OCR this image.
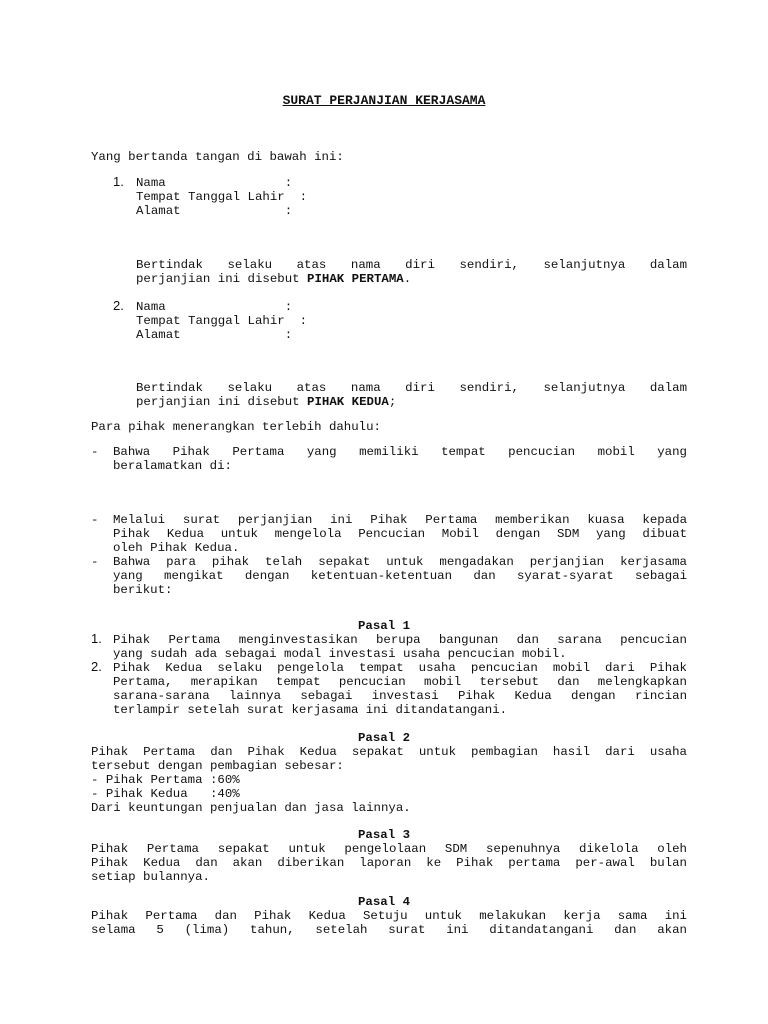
SURAT PERJANJIAN KERJASAMA
Yang bertanda tangan di bawah ini:
1. Nama                :
Tempat Tanggal Lahir  :
Alamat              :
Bertindak selaku atas nama diri sendiri, selanjutnya dalam
perjanjian ini disebut PIHAK PERTAMA.
2. Nama                :
Tempat Tanggal Lahir  :
Alamat              :
Bertindak selaku atas nama diri sendiri, selanjutnya dalam
perjanjian ini disebut PIHAK KEDUA;
Para pihak menerangkan terlebih dahulu:
- Bahwa Pihak Pertama yang memiliki tempat pencucian mobil yang
beralamatkan di:
- Melalui surat perjanjian ini Pihak Pertama memberikan kuasa kepada
Pihak Kedua untuk mengelola Pencucian Mobil dengan SDM yang dibuat
oleh Pihak Kedua.
- Bahwa para pihak telah sepakat untuk mengadakan perjanjian kerjasama
yang mengikat dengan ketentuan-ketentuan dan syarat-syarat sebagai
berikut:
Pasal 1
1. Pihak Pertama menginvestasikan berupa bangunan dan sarana pencucian
yang sudah ada sebagai modal investasi usaha pencucian mobil.
2. Pihak Kedua selaku pengelola tempat usaha pencucian mobil dari Pihak
Pertama, merapikan tempat pencucian mobil tersebut dan melengkapkan
sarana-sarana lainnya sebagai investasi Pihak Kedua dengan rincian
terlampir setelah surat kerjasama ini ditandatangani.
Pasal 2
Pihak Pertama dan Pihak Kedua sepakat untuk pembagian hasil dari usaha
tersebut dengan pembagian sebesar:
- Pihak Pertama :60%
- Pihak Kedua   :40%
Dari keuntungan penjualan dan jasa lainnya.
Pasal 3
Pihak Pertama sepakat untuk pengelolaan SDM sepenuhnya dikelola oleh
Pihak Kedua dan akan diberikan laporan ke Pihak pertama per-awal bulan
setiap bulannya.
Pasal 4
Pihak Pertama dan Pihak Kedua Setuju untuk melakukan kerja sama ini
selama 5 (lima) tahun, setelah surat ini ditandatangani dan akan
